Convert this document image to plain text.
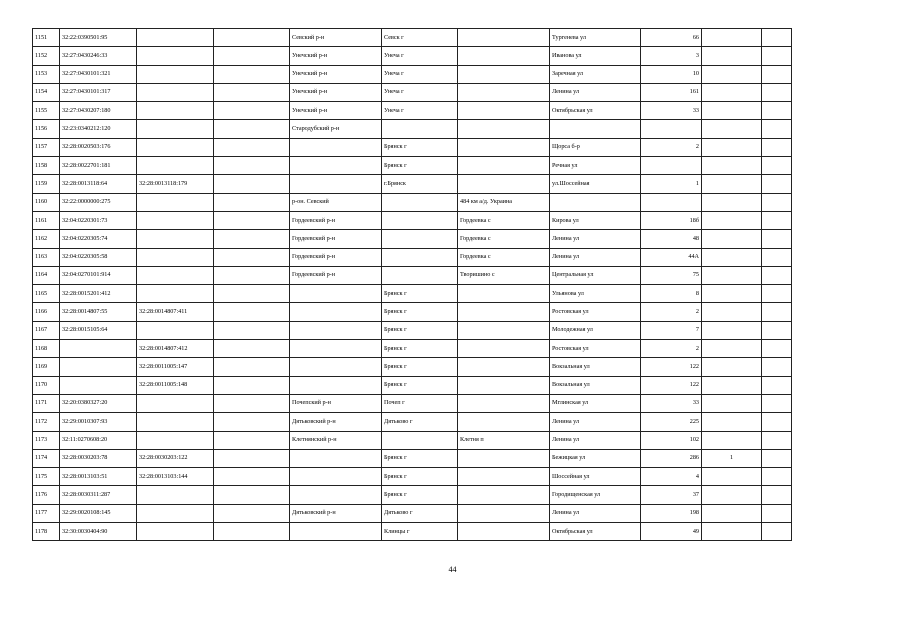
1151	32:22:0390501:95			Севский р-н	Севск г		Тургенева ул	66		
1152	32:27:0430246:33			Унечский р-н	Унеча г		Иванова ул	3		
1153	32:27:0430101:321			Унечский р-н	Унеча г		Заречная ул	10		
1154	32:27:0430101:317			Унечский р-н	Унеча г		Ленина ул	161		
1155	32:27:0430207:180			Унечский р-н	Унеча г		Октябрьская ул	33		
1156	32:23:0340212:120			Стародубский р-н						
1157	32:28:0020503:176				Брянск г		Щорса б-р	2		
1158	32:28:0022701:181				Брянск г		Речная ул			
1159	32:28:0013118:64	32:28:0013118:179			г.Брянск		ул.Шоссейная	1		
1160	32:22:0000000:275			р-он. Севский		484 км а/д. Украина				
1161	32:04:0220301:73			Гордеевский р-н		Гордеевка с	Кирова ул	18б		
1162	32:04:0220305:74			Гордеевский р-н		Гордеевка с	Ленина ул	48		
1163	32:04:0220305:58			Гордеевский р-н		Гордеевка с	Ленина ул	44А		
1164	32:04:0270101:914			Гордеевский р-н		Творишино с	Центральная ул	75		
1165	32:28:0015201:412				Брянск г		Ульянова ул	8		
1166	32:28:0014807:55	32:28:0014807:411			Брянск г		Ростовская ул	2		
1167	32:28:0015105:64				Брянск г		Молодежная ул	7		
1168		32:28:0014807:412			Брянск г		Ростовская ул	2		
1169		32:28:0011005:147			Брянск г		Вокзальная ул	122		
1170		32:28:0011005:148			Брянск г		Вокзальная ул	122		
1171	32:20:0380327:20			Почепский р-н	Почеп г		Мглинская ул	33		
1172	32:29:0010307:93			Дятьковский р-н	Дятьково г		Ленина ул	225		
1173	32:11:0270608:20			Клетнянский р-н		Клетня п	Ленина ул	102		
1174	32:28:0030203:78	32:28:0030203:122			Брянск г		Бежицкая ул	286	1	
1175	32:28:0013103:51	32:28:0013103:144			Брянск г		Шоссейная ул	4		
1176	32:28:0030311:287				Брянск г		Городищенская ул	37		
1177	32:29:0020108:145			Дятьковский р-н	Дятьково г		Ленина ул	198		
1178	32:30:0030404:90				Клинцы г		Октябрьская ул	49		
44
